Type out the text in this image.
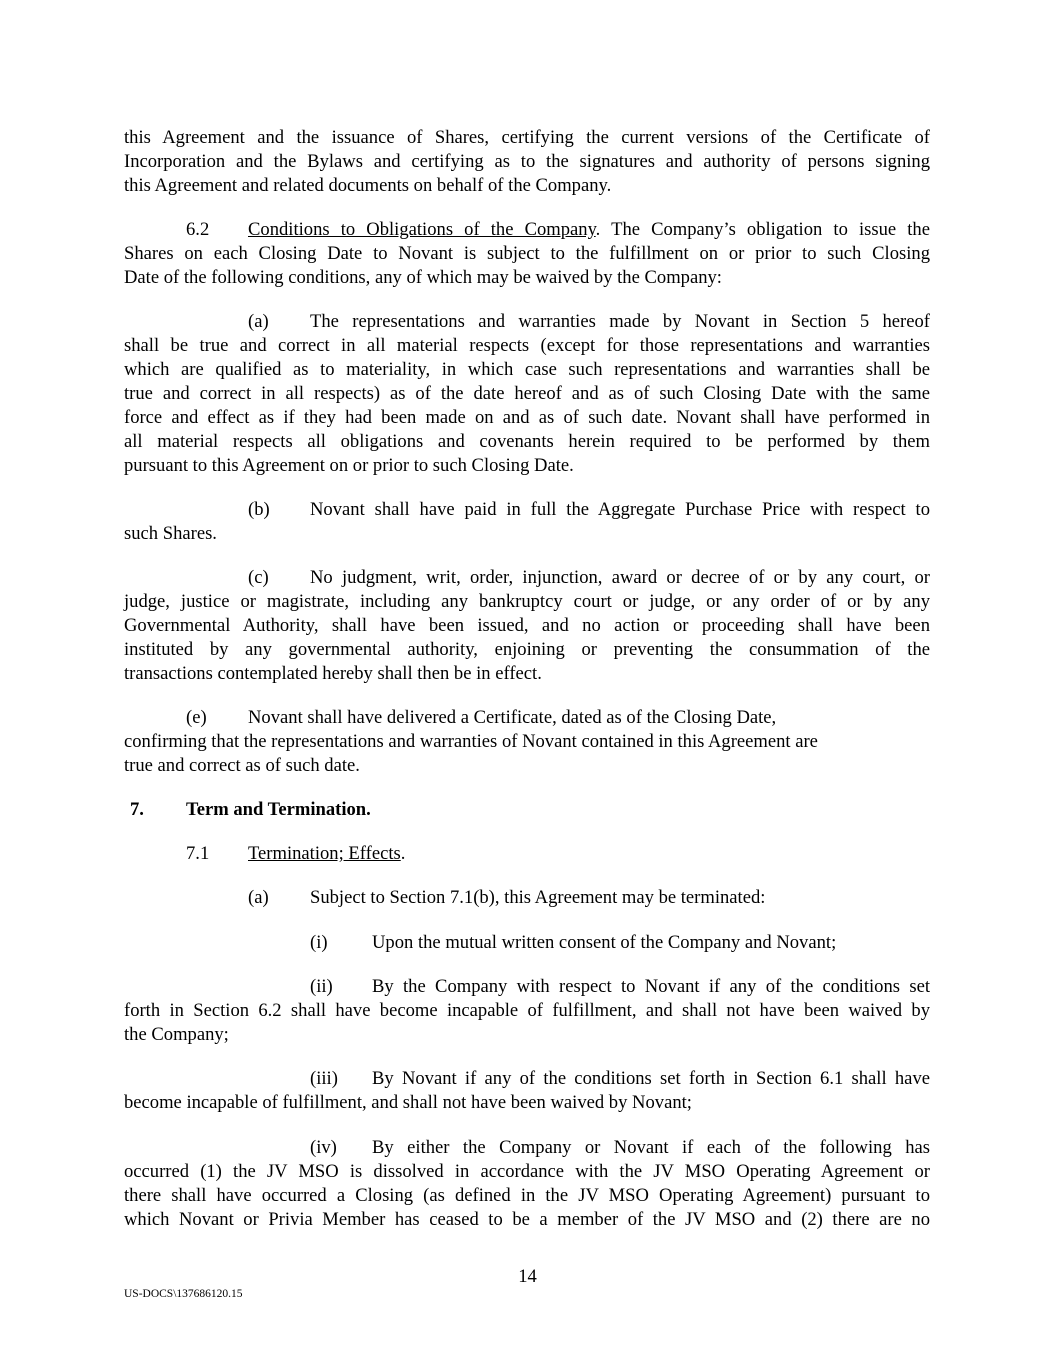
this Agreement and the issuance of Shares, certifying the current versions of the Certificate of
Incorporation and the Bylaws and certifying as to the signatures and authority of persons signing
this Agreement and related documents on behalf of the Company.
6.2 Conditions to Obligations of the Company. The Company’s obligation to issue the
Shares on each Closing Date to Novant is subject to the fulfillment on or prior to such Closing
Date of the following conditions, any of which may be waived by the Company:
(a)	The representations and warranties made by Novant in Section 5 hereof
shall be true and correct in all material respects (except for those representations and warranties
which are qualified as to materiality, in which case such representations and warranties shall be
true and correct in all respects) as of the date hereof and as of such Closing Date with the same
force and effect as if they had been made on and as of such date. Novant shall have performed in
all material respects all obligations and covenants herein required to be performed by them
pursuant to this Agreement on or prior to such Closing Date.
(b)	Novant shall have paid in full the Aggregate Purchase Price with respect to
such Shares.
(c)	No judgment, writ, order, injunction, award or decree of or by any court, or
judge, justice or magistrate, including any bankruptcy court or judge, or any order of or by any
Governmental Authority, shall have been issued, and no action or proceeding shall have been
instituted by any governmental authority, enjoining or preventing the consummation of the
transactions contemplated hereby shall then be in effect.
(e)	Novant shall have delivered a Certificate, dated as of the Closing Date,
confirming that the representations and warranties of Novant contained in this Agreement are
true and correct as of such date.
7.	Term and Termination.
7.1	Termination; Effects.
(a)	Subject to Section 7.1(b), this Agreement may be terminated:
(i)	Upon the mutual written consent of the Company and Novant;
(ii)	By the Company with respect to Novant if any of the conditions set
forth in Section 6.2 shall have become incapable of fulfillment, and shall not have been waived by
the Company;
(iii)	By Novant if any of the conditions set forth in Section 6.1 shall have
become incapable of fulfillment, and shall not have been waived by Novant;
(iv)	By either the Company or Novant if each of the following has
occurred (1) the JV MSO is dissolved in accordance with the JV MSO Operating Agreement or
there shall have occurred a Closing (as defined in the JV MSO Operating Agreement) pursuant to
which Novant or Privia Member has ceased to be a member of the JV MSO and (2) there are no
14
US-DOCS\137686120.15
